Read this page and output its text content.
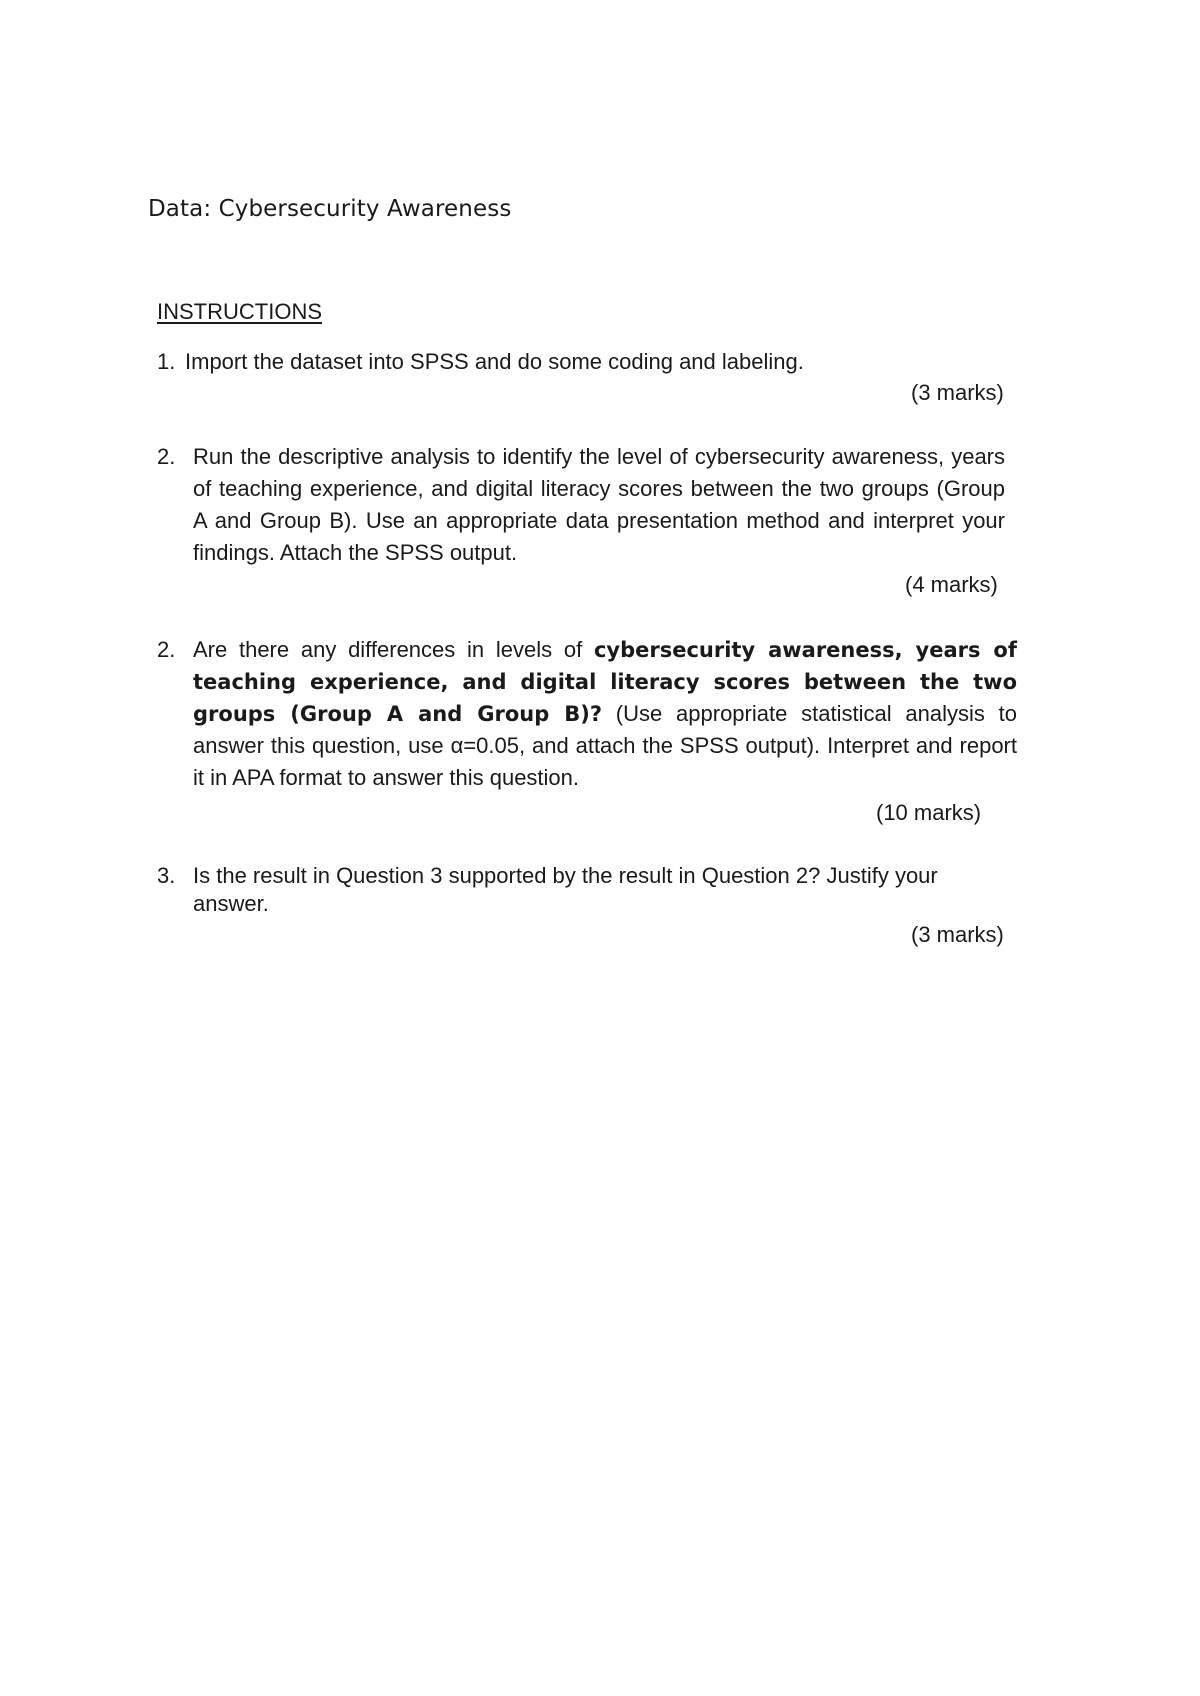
Data: Cybersecurity Awareness
INSTRUCTIONS
1. Import the dataset into SPSS and do some coding and labeling.
(3 marks)
2. Run the descriptive analysis to identify the level of cybersecurity awareness, years of teaching experience, and digital literacy scores between the two groups (Group A and Group B). Use an appropriate data presentation method and interpret your findings. Attach the SPSS output.
(4 marks)
2. Are there any differences in levels of cybersecurity awareness, years of teaching experience, and digital literacy scores between the two groups (Group A and Group B)? (Use appropriate statistical analysis to answer this question, use α=0.05, and attach the SPSS output). Interpret and report it in APA format to answer this question.
(10 marks)
3. Is the result in Question 3 supported by the result in Question 2? Justify your answer.
(3 marks)
